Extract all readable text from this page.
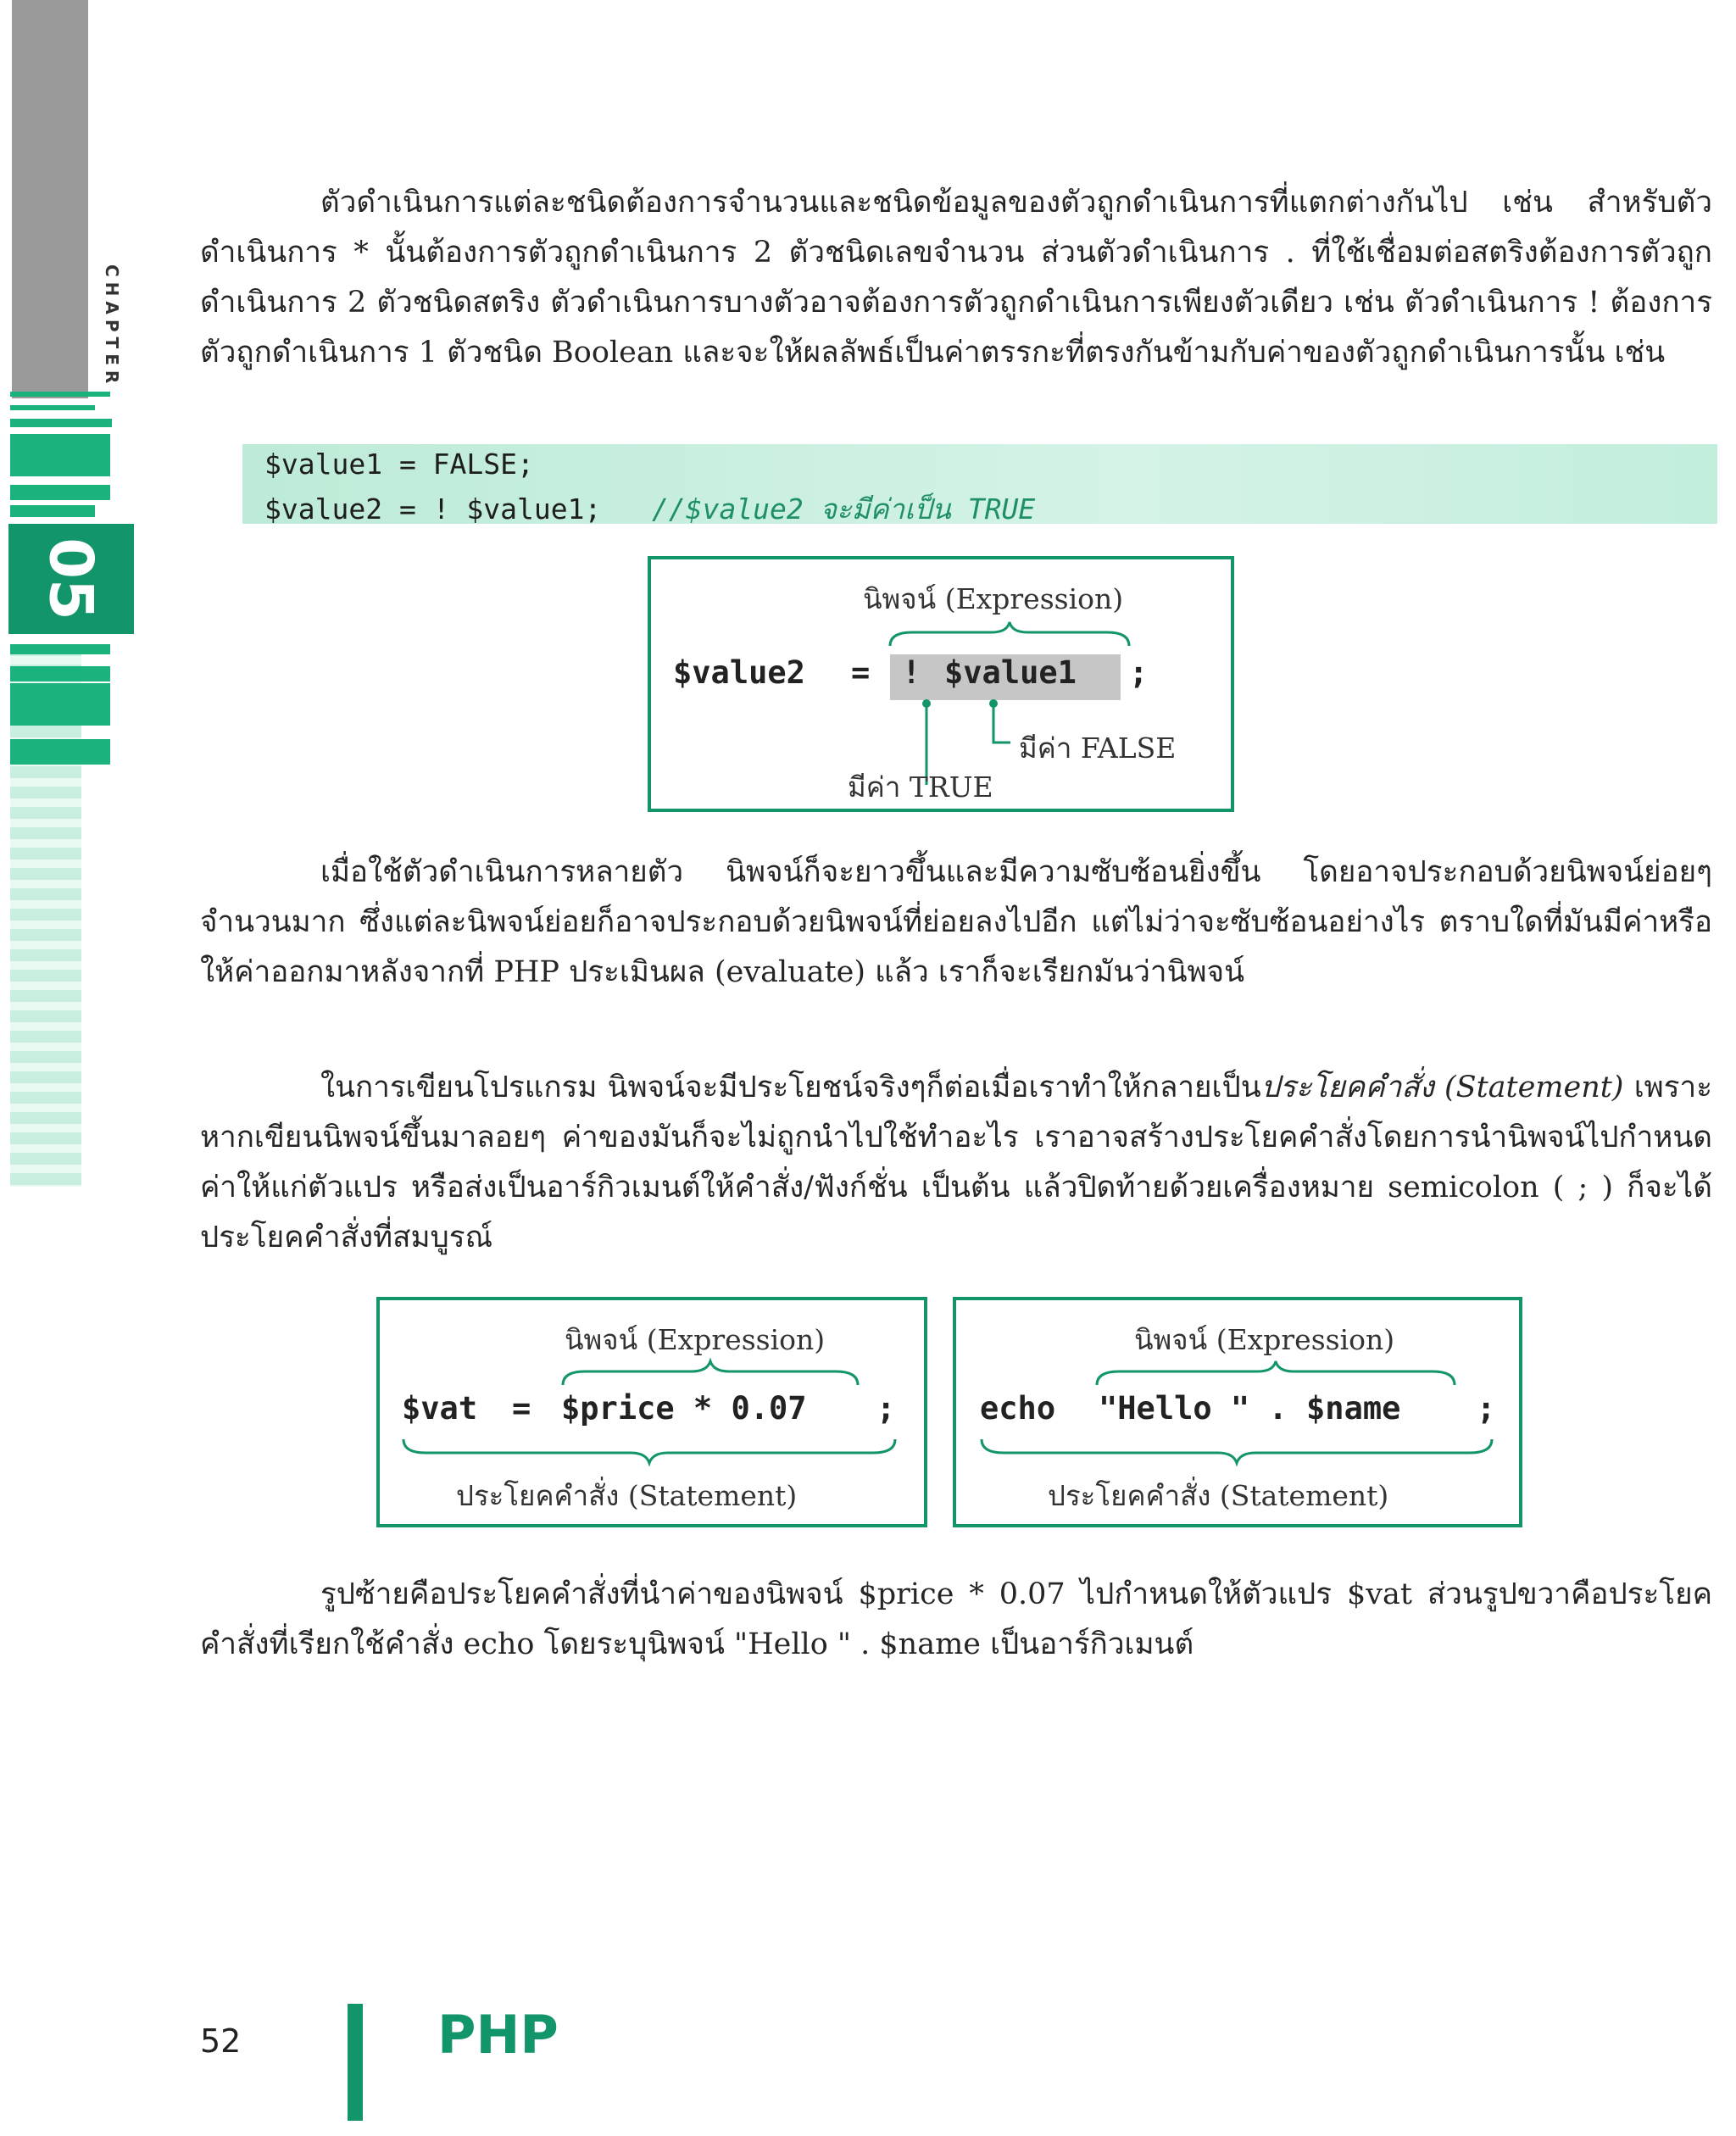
CHAPTER
05

ตัวดำเนินการแต่ละชนิดต้องการจำนวนและชนิดข้อมูลของตัวถูกดำเนินการที่แตกต่างกันไป เช่น สำหรับตัวดำเนินการ * นั้นต้องการตัวถูกดำเนินการ 2 ตัวชนิดเลขจำนวน ส่วนตัวดำเนินการ . ที่ใช้เชื่อมต่อสตริงต้องการตัวถูกดำเนินการ 2 ตัวชนิดสตริง ตัวดำเนินการบางตัวอาจต้องการตัวถูกดำเนินการเพียงตัวเดียว เช่น ตัวดำเนินการ ! ต้องการตัวถูกดำเนินการ 1 ตัวชนิด Boolean และจะให้ผลลัพธ์เป็นค่าตรรกะที่ตรงกันข้ามกับค่าของตัวถูกดำเนินการนั้น เช่น

$value1 = FALSE;
$value2 = ! $value1; //$value2 จะมีค่าเป็น TRUE
นิพจน์ (Expression)
$value2 = ! $value1 ;
มีค่า FALSE
มีค่า TRUE

เมื่อใช้ตัวดำเนินการหลายตัว นิพจน์ก็จะยาวขึ้นและมีความซับซ้อนยิ่งขึ้น โดยอาจประกอบด้วยนิพจน์ย่อยๆจำนวนมาก ซึ่งแต่ละนิพจน์ย่อยก็อาจประกอบด้วยนิพจน์ที่ย่อยลงไปอีก แต่ไม่ว่าจะซับซ้อนอย่างไร ตราบใดที่มันมีค่าหรือให้ค่าออกมาหลังจากที่ PHP ประเมินผล (evaluate) แล้ว เราก็จะเรียกมันว่านิพจน์

ในการเขียนโปรแกรม นิพจน์จะมีประโยชน์จริงๆก็ต่อเมื่อเราทำให้กลายเป็นประโยคคำสั่ง (Statement) เพราะหากเขียนนิพจน์ขึ้นมาลอยๆ ค่าของมันก็จะไม่ถูกนำไปใช้ทำอะไร เราอาจสร้างประโยคคำสั่งโดยการนำนิพจน์ไปกำหนดค่าให้แก่ตัวแปร หรือส่งเป็นอาร์กิวเมนต์ให้คำสั่ง/ฟังก์ชั่น เป็นต้น แล้วปิดท้ายด้วยเครื่องหมาย semicolon ( ; ) ก็จะได้ประโยคคำสั่งที่สมบูรณ์

นิพจน์ (Expression)
$vat = $price * 0.07 ;
ประโยคคำสั่ง (Statement)
นิพจน์ (Expression)
echo "Hello " . $name ;
ประโยคคำสั่ง (Statement)

รูปซ้ายคือประโยคคำสั่งที่นำค่าของนิพจน์ $price * 0.07 ไปกำหนดให้ตัวแปร $vat ส่วนรูปขวาคือประโยคคำสั่งที่เรียกใช้คำสั่ง echo โดยระบุนิพจน์ "Hello " . $name เป็นอาร์กิวเมนต์

52	PHP
